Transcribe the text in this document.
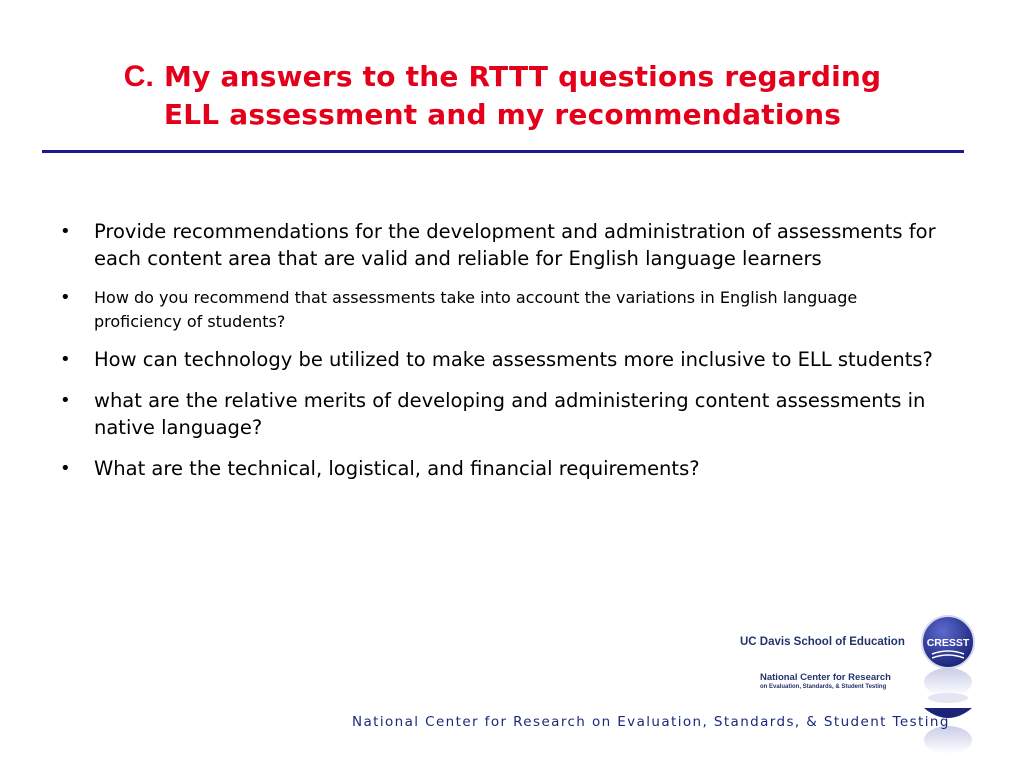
C. My answers to the RTTT questions regarding
ELL assessment and my recommendations
• Provide recommendations for the development and administration of assessments for each content area that are valid and reliable for English language learners
• How do you recommend that assessments take into account the variations in English language proficiency of students?
• How can technology be utilized to make assessments more inclusive to ELL students?
• what are the relative merits of developing and administering content assessments in native language?
• What are the technical, logistical, and financial requirements?
UC Davis School of Education
National Center for Research
on Evaluation, Standards, & Student Testing
CRESST
National Center for Research on Evaluation, Standards, & Student Testing
